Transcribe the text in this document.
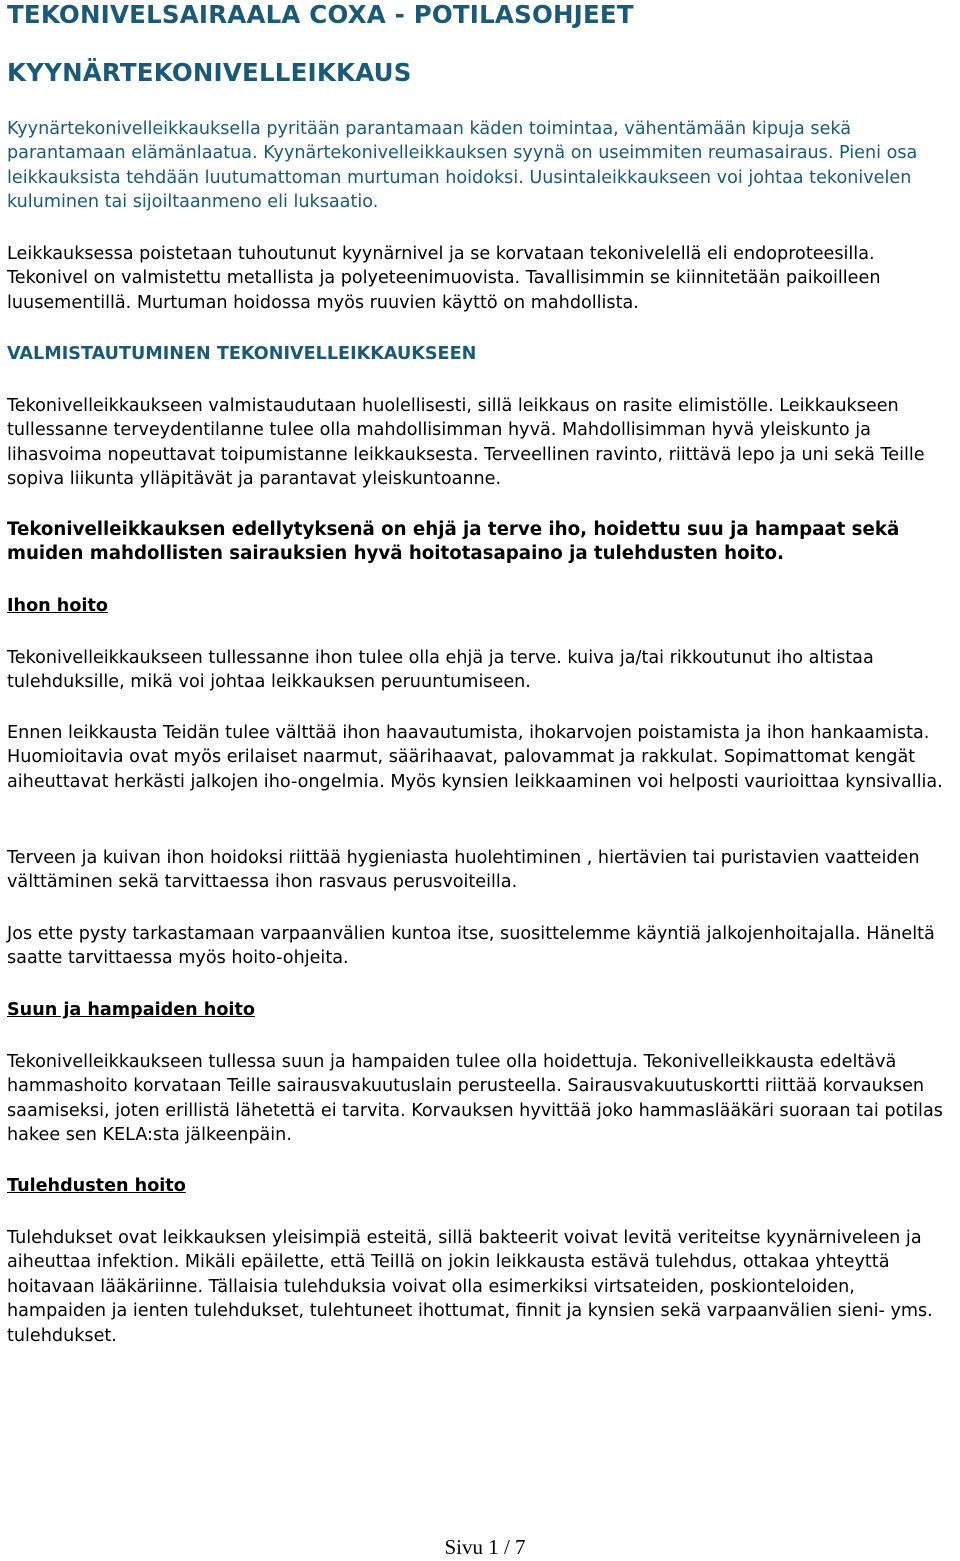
TEKONIVELSAIRAALA COXA - POTILASOHJEET
KYYNÄRTEKONIVELLEIKKAUS

Kyynärtekonivelleikkauksella pyritään parantamaan käden toimintaa, vähentämään kipuja sekä parantamaan elämänlaatua. Kyynärtekonivelleikkauksen syynä on useimmiten reumasairaus. Pieni osa leikkauksista tehdään luutumattoman murtuman hoidoksi. Uusintaleikkaukseen voi johtaa tekonivelen kuluminen tai sijoiltaanmeno eli luksaatio.

Leikkauksessa poistetaan tuhoutunut kyynärnivel ja se korvataan tekonivelellä eli endoproteesilla. Tekonivel on valmistettu metallista ja polyeteenimuovista. Tavallisimmin se kiinnitetään paikoilleen luusementillä. Murtuman hoidossa myös ruuvien käyttö on mahdollista.

VALMISTAUTUMINEN TEKONIVELLEIKKAUKSEEN

Tekonivelleikkaukseen valmistaudutaan huolellisesti, sillä leikkaus on rasite elimistölle. Leikkaukseen tullessanne terveydentilanne tulee olla mahdollisimman hyvä. Mahdollisimman hyvä yleiskunto ja lihasvoima nopeuttavat toipumistanne leikkauksesta. Terveellinen ravinto, riittävä lepo ja uni sekä Teille sopiva liikunta ylläpitävät ja parantavat yleiskuntoanne.

Tekonivelleikkauksen edellytyksenä on ehjä ja terve iho, hoidettu suu ja hampaat sekä muiden mahdollisten sairauksien hyvä hoitotasapaino ja tulehdusten hoito.

Ihon hoito

Tekonivelleikkaukseen tullessanne ihon tulee olla ehjä ja terve. kuiva ja/tai rikkoutunut iho altistaa tulehduksille, mikä voi johtaa leikkauksen peruuntumiseen.

Ennen leikkausta Teidän tulee välttää ihon haavautumista, ihokarvojen poistamista ja ihon hankaamista. Huomioitavia ovat myös erilaiset naarmut, säärihaavat, palovammat ja rakkulat. Sopimattomat kengät aiheuttavat herkästi jalkojen iho-ongelmia. Myös kynsien leikkaaminen voi helposti vaurioittaa kynsivallia.

Terveen ja kuivan ihon hoidoksi riittää hygieniasta huolehtiminen , hiertävien tai puristavien vaatteiden välttäminen sekä tarvittaessa ihon rasvaus perusvoiteilla.

Jos ette pysty tarkastamaan varpaanvälien kuntoa itse, suosittelemme käyntiä jalkojenhoitajalla. Häneltä saatte tarvittaessa myös hoito-ohjeita.

Suun ja hampaiden hoito

Tekonivelleikkaukseen tullessa suun ja hampaiden tulee olla hoidettuja. Tekonivelleikkausta edeltävä hammashoito korvataan Teille sairausvakuutuslain perusteella. Sairausvakuutuskortti riittää korvauksen saamiseksi, joten erillistä lähetettä ei tarvita. Korvauksen hyvittää joko hammaslääkäri suoraan tai potilas hakee sen KELA:sta jälkeenpäin.

Tulehdusten hoito

Tulehdukset ovat leikkauksen yleisimpiä esteitä, sillä bakteerit voivat levitä veriteitse kyynärniveleen ja aiheuttaa infektion. Mikäli epäilette, että Teillä on jokin leikkausta estävä tulehdus, ottakaa yhteyttä hoitavaan lääkäriinne. Tällaisia tulehduksia voivat olla esimerkiksi virtsateiden, poskionteloiden, hampaiden ja ienten tulehdukset, tulehtuneet ihottumat, finnit ja kynsien sekä varpaanvälien sieni- yms. tulehdukset.

Sivu 1 / 7
